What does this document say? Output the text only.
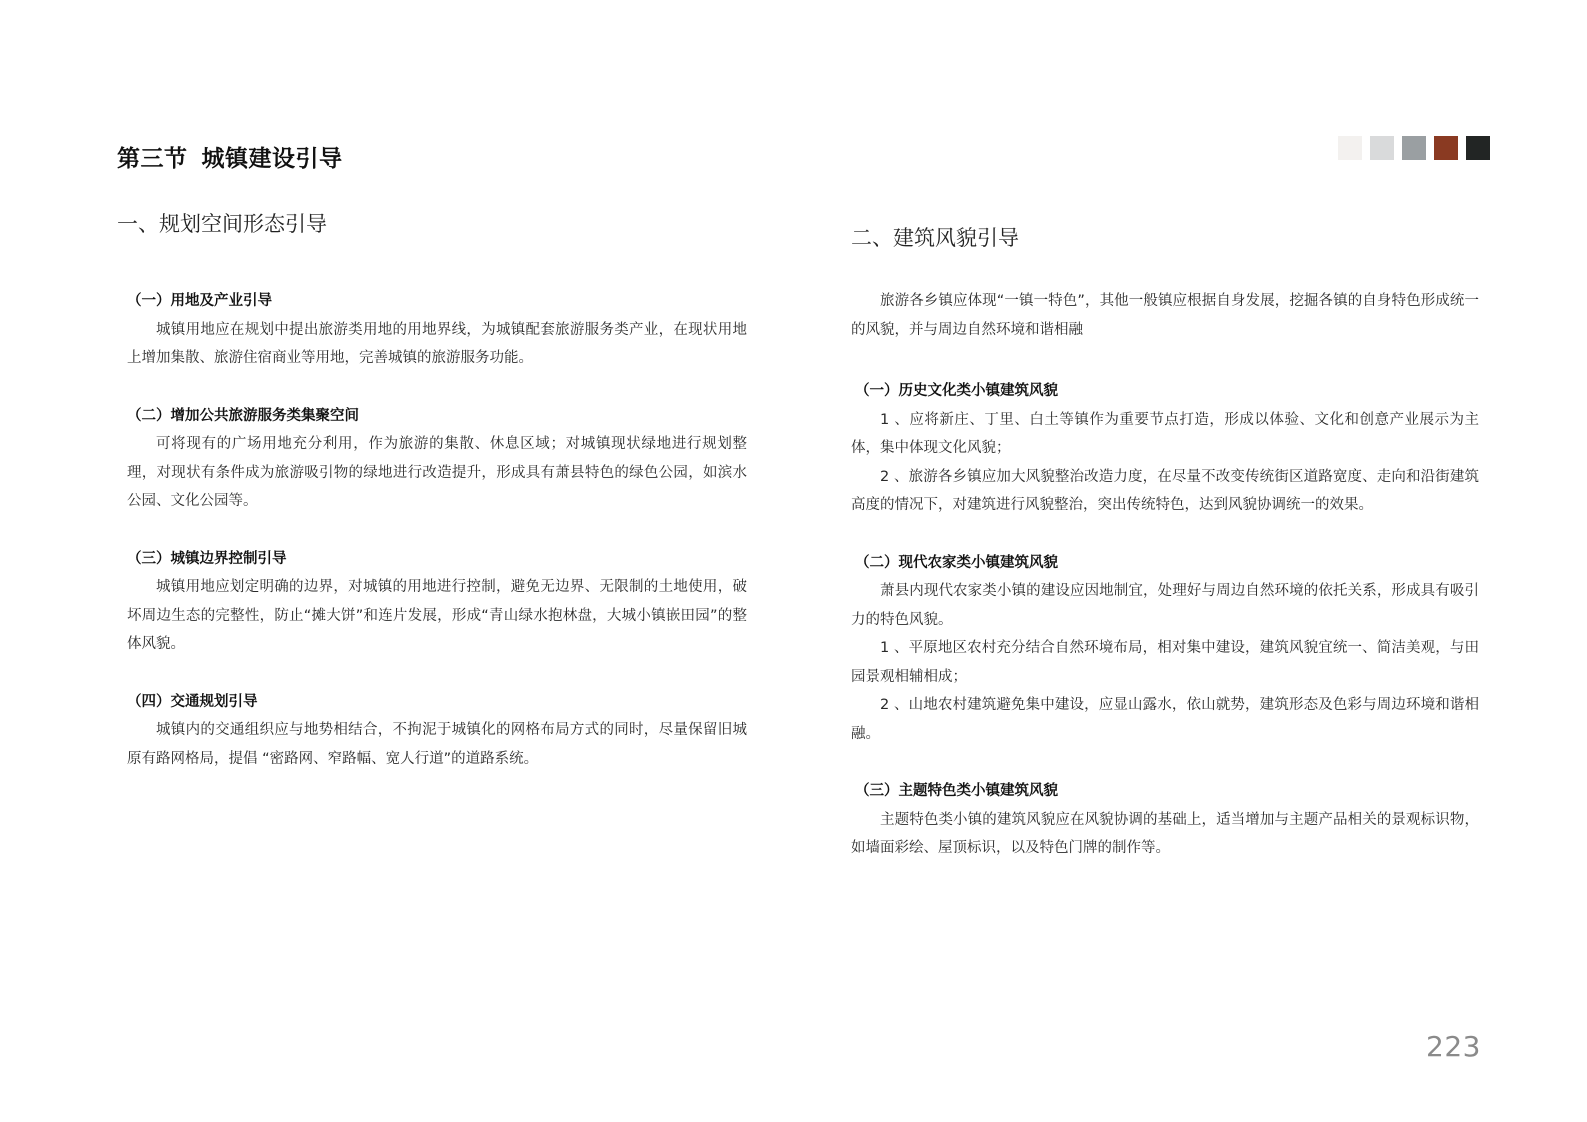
第三节 城镇建设引导
一、规划空间形态引导
二、建筑风貌引导

（一）用地及产业引导

城镇用地应在规划中提出旅游类用地的用地界线，为城镇配套旅游服务类产业，在现状用地上增加集散、旅游住宿商业等用地，完善城镇的旅游服务功能。

（二）增加公共旅游服务类集聚空间

可将现有的广场用地充分利用，作为旅游的集散、休息区域；对城镇现状绿地进行规划整理，对现状有条件成为旅游吸引物的绿地进行改造提升，形成具有萧县特色的绿色公园，如滨水公园、文化公园等。

（三）城镇边界控制引导

城镇用地应划定明确的边界，对城镇的用地进行控制，避免无边界、无限制的土地使用，破坏周边生态的完整性，防止“摊大饼”和连片发展，形成“青山绿水抱林盘，大城小镇嵌田园”的整体风貌。

（四）交通规划引导

城镇内的交通组织应与地势相结合，不拘泥于城镇化的网格布局方式的同时，尽量保留旧城原有路网格局，提倡 “密路网、窄路幅、宽人行道”的道路系统。

旅游各乡镇应体现“一镇一特色”，其他一般镇应根据自身发展，挖掘各镇的自身特色形成统一的风貌，并与周边自然环境和谐相融

（一）历史文化类小镇建筑风貌

1 、应将新庄、丁里、白土等镇作为重要节点打造，形成以体验、文化和创意产业展示为主体，集中体现文化风貌；

2 、旅游各乡镇应加大风貌整治改造力度，在尽量不改变传统街区道路宽度、走向和沿街建筑高度的情况下，对建筑进行风貌整治，突出传统特色，达到风貌协调统一的效果。

（二）现代农家类小镇建筑风貌

萧县内现代农家类小镇的建设应因地制宜，处理好与周边自然环境的依托关系，形成具有吸引力的特色风貌。

1 、平原地区农村充分结合自然环境布局，相对集中建设，建筑风貌宜统一、简洁美观，与田园景观相辅相成；

2 、山地农村建筑避免集中建设，应显山露水，依山就势，建筑形态及色彩与周边环境和谐相融。

（三）主题特色类小镇建筑风貌

主题特色类小镇的建筑风貌应在风貌协调的基础上，适当增加与主题产品相关的景观标识物，如墙面彩绘、屋顶标识，以及特色门牌的制作等。

223
